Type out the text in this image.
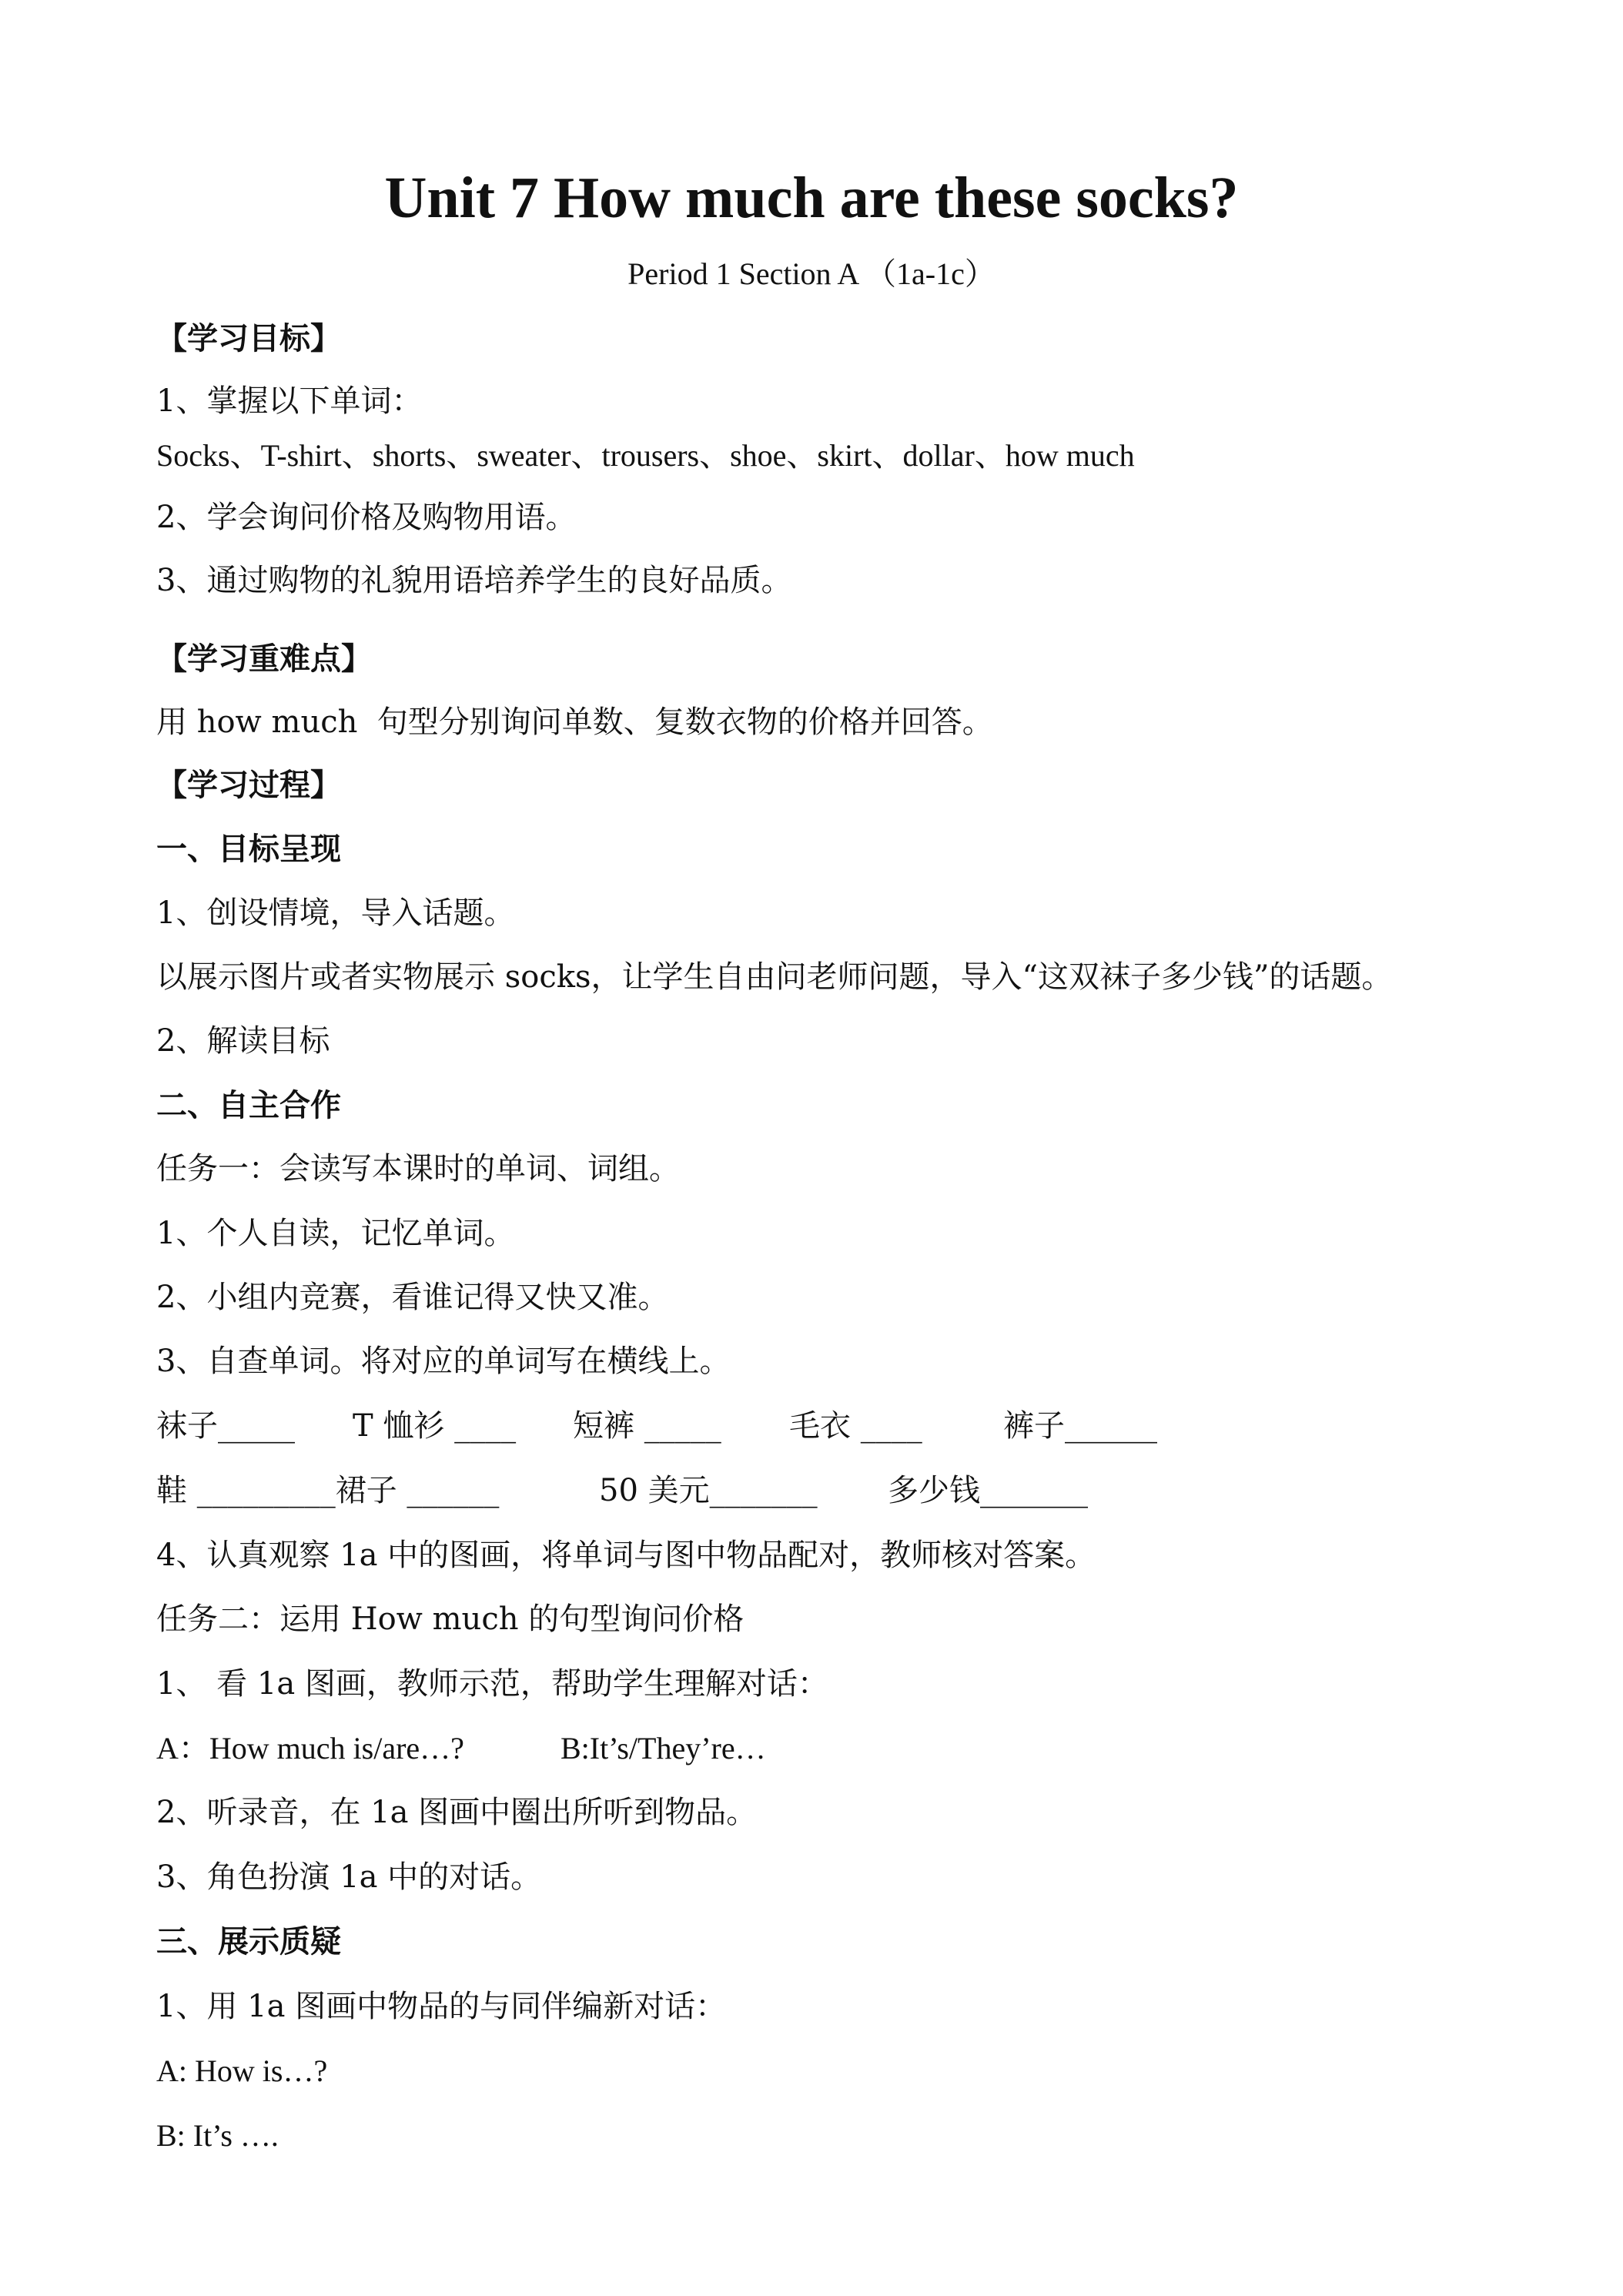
Unit 7 How much are these socks?
Period 1 Section A （1a-1c）
【学习目标】
1、掌握以下单词：
Socks、T-shirt、shorts、sweater、trousers、shoe、skirt、dollar、how much
2、学会询问价格及购物用语。
3、通过购物的礼貌用语培养学生的良好品质。
【学习重难点】
用 how much  句型分别询问单数、复数衣物的价格并回答。
【学习过程】
一、目标呈现
1、创设情境，导入话题。
以展示图片或者实物展示 socks，让学生自由问老师问题，导入“这双袜子多少钱”的话题。
2、解读目标
二、自主合作
任务一：会读写本课时的单词、词组。
1、个人自读，记忆单词。
2、小组内竞赛，看谁记得又快又准。
3、自查单词。将对应的单词写在横线上。
袜子_____ T 恤衫 ____ 短裤 _____ 毛衣 ____	裤子______
鞋 _________裙子 ______	50 美元_______ 多少钱_______
4、认真观察 1a 中的图画，将单词与图中物品配对，教师核对答案。
任务二：运用 How much 的句型询问价格
1、 看 1a 图画，教师示范，帮助学生理解对话：
A：How much is/are…?	B:It’s/They’re…
2、听录音，在 1a 图画中圈出所听到物品。
3、角色扮演 1a 中的对话。
三、展示质疑
1、用 1a 图画中物品的与同伴编新对话：
A: How is…?
B: It’s ….
